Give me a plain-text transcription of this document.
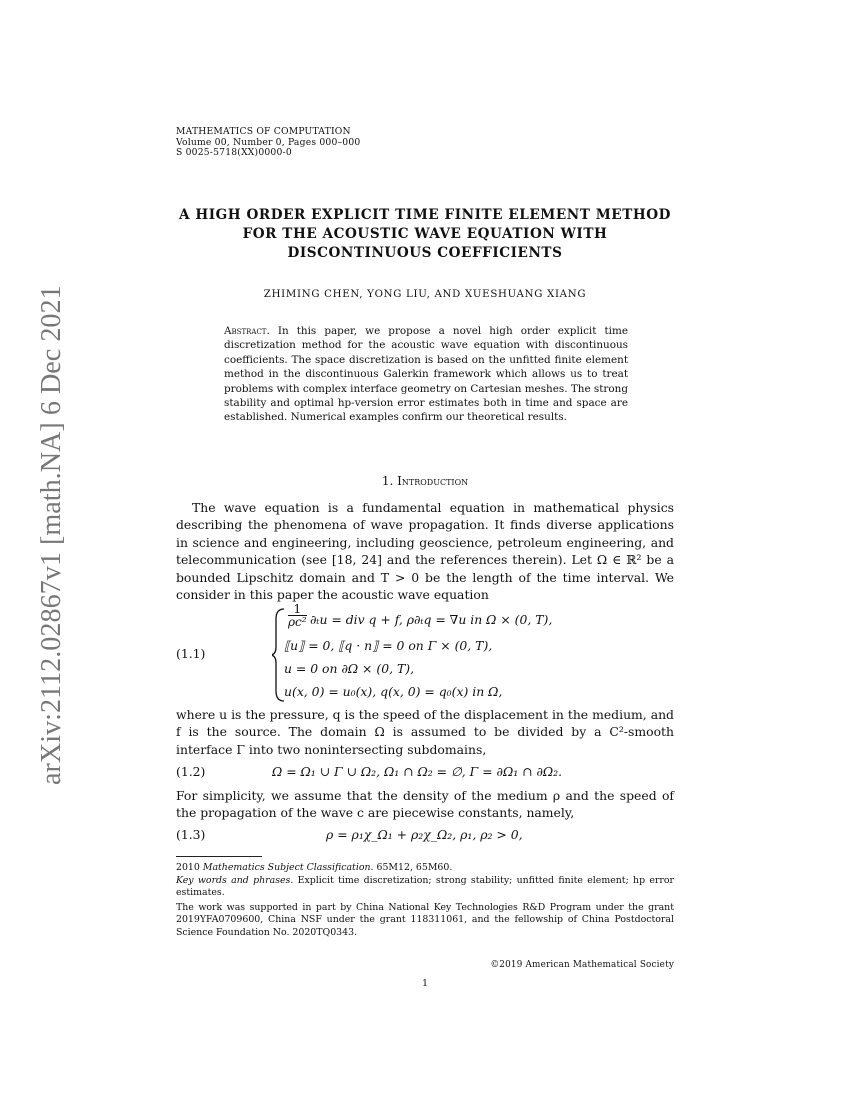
arXiv:2112.02867v1 [math.NA] 6 Dec 2021
MATHEMATICS OF COMPUTATION
Volume 00, Number 0, Pages 000–000
S 0025-5718(XX)0000-0
A HIGH ORDER EXPLICIT TIME FINITE ELEMENT METHOD
FOR THE ACOUSTIC WAVE EQUATION WITH
DISCONTINUOUS COEFFICIENTS
ZHIMING CHEN, YONG LIU, AND XUESHUANG XIANG
Abstract. In this paper, we propose a novel high order explicit time discretization method for the acoustic wave equation with discontinuous coefficients. The space discretization is based on the unfitted finite element method in the discontinuous Galerkin framework which allows us to treat problems with complex interface geometry on Cartesian meshes. The strong stability and optimal hp-version error estimates both in time and space are established. Numerical examples confirm our theoretical results.
1. Introduction
The wave equation is a fundamental equation in mathematical physics describing the phenomena of wave propagation. It finds diverse applications in science and engineering, including geoscience, petroleum engineering, and telecommunication (see [18, 24] and the references therein). Let Ω ∈ ℝ² be a bounded Lipschitz domain and T > 0 be the length of the time interval. We consider in this paper the acoustic wave equation
(1.1)
$\frac{1}{\text{ρc²}} \partial_tu$ = div q + f, ρ∂ₜq = ∇u in Ω × (0, T),
⟦u⟧ = 0, ⟦q · n⟧ = 0 on Γ × (0, T),
u = 0 on ∂Ω × (0, T),
u(x, 0) = u₀(x), q(x, 0) = q₀(x) in Ω,
where u is the pressure, q is the speed of the displacement in the medium, and f is the source. The domain Ω is assumed to be divided by a C²-smooth interface Γ into two nonintersecting subdomains,
(1.2)	Ω = Ω₁ ∪ Γ ∪ Ω₂, Ω₁ ∩ Ω₂ = ∅, Γ = ∂Ω₁ ∩ ∂Ω₂.
For simplicity, we assume that the density of the medium ρ and the speed of the propagation of the wave c are piecewise constants, namely,
(1.3)	ρ = ρ₁χ_Ω₁ + ρ₂χ_Ω₂, ρ₁, ρ₂ > 0,
2010 Mathematics Subject Classification. 65M12, 65M60.
Key words and phrases. Explicit time discretization; strong stability; unfitted finite element; hp error estimates.
The work was supported in part by China National Key Technologies R&D Program under the grant 2019YFA0709600, China NSF under the grant 118311061, and the fellowship of China Postdoctoral Science Foundation No. 2020TQ0343.
©2019 American Mathematical Society
1
